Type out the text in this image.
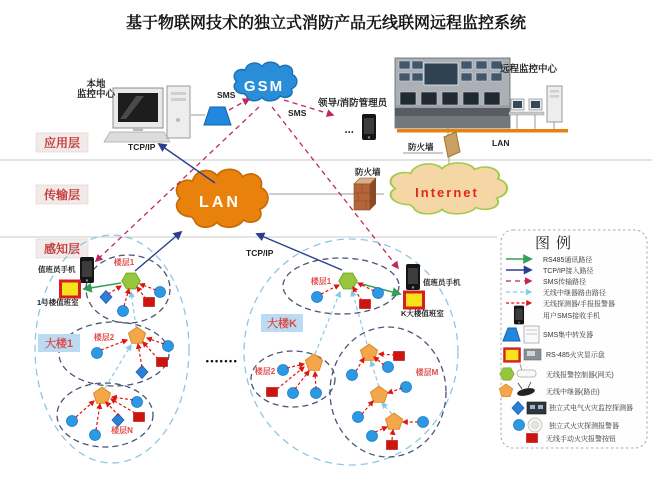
基于物联网技术的独立式消防产品无线联网远程监控系统
应用层
传输层
感知层
GSM
LAN
Internet
本地
监控中心
TCP/IP
SMS
SMS
领导/消防管理员
•••
远程监控中心
LAN
防火墙
防火墙
TCP/IP
•••••••
值班员手机
1号楼值班室
值班员手机
K大楼值班室
大楼1
大楼K
楼层1
楼层2
楼层N
楼层1
楼层2	楼层M
图例
RS485通讯路径
TCP/IP接入路径
SMS传输路径
无线中继器路由路径
无线探测器/手报报警器
用户SMS接收手机
SMS集中转发器
RS-485火灾显示盘
无线报警控制器(网关)
无线中继器(路由)
独立式电气火灾监控探测器
独立式火灾探测报警器
无线手动火灾报警按钮
